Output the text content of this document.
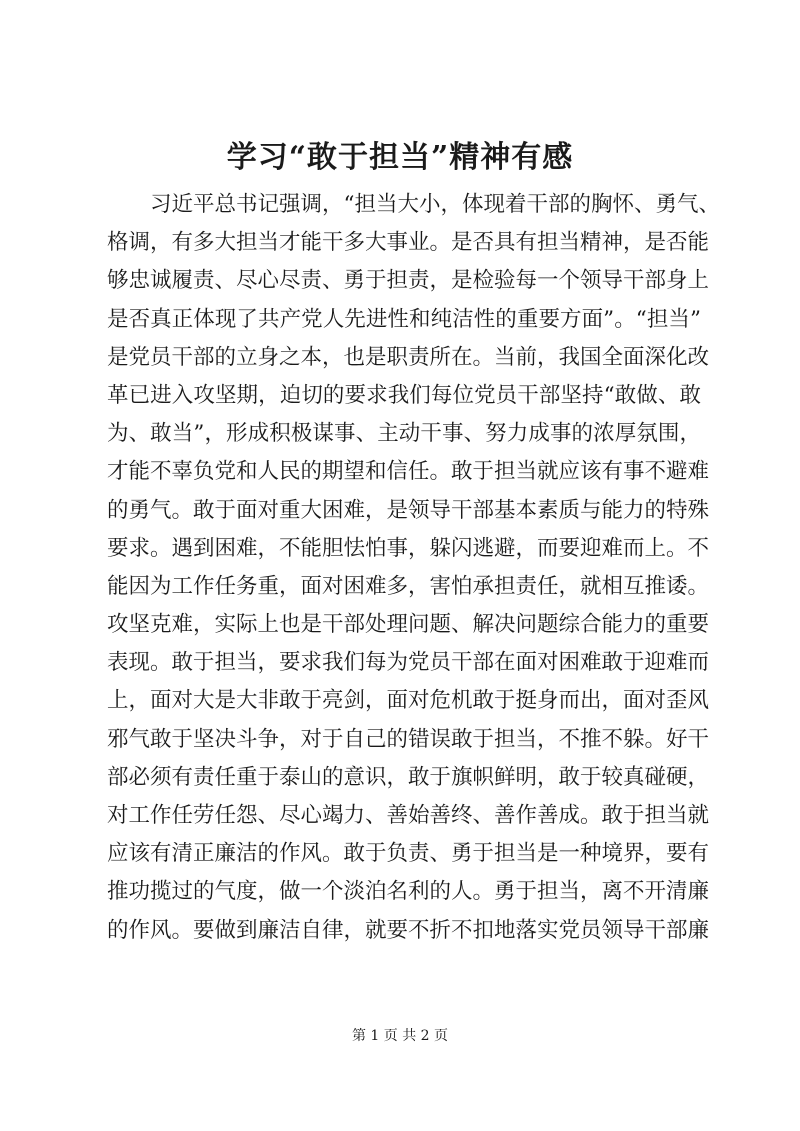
学习“敢于担当”精神有感
习近平总书记强调，“担当大小，体现着干部的胸怀、勇气、
格调，有多大担当才能干多大事业。是否具有担当精神，是否能
够忠诚履责、尽心尽责、勇于担责，是检验每一个领导干部身上
是否真正体现了共产党人先进性和纯洁性的重要方面”。“担当”
是党员干部的立身之本，也是职责所在。当前，我国全面深化改
革已进入攻坚期，迫切的要求我们每位党员干部坚持“敢做、敢
为、敢当”，形成积极谋事、主动干事、努力成事的浓厚氛围，
才能不辜负党和人民的期望和信任。敢于担当就应该有事不避难
的勇气。敢于面对重大困难，是领导干部基本素质与能力的特殊
要求。遇到困难，不能胆怯怕事，躲闪逃避，而要迎难而上。不
能因为工作任务重，面对困难多，害怕承担责任，就相互推诿。
攻坚克难，实际上也是干部处理问题、解决问题综合能力的重要
表现。敢于担当，要求我们每为党员干部在面对困难敢于迎难而
上，面对大是大非敢于亮剑，面对危机敢于挺身而出，面对歪风
邪气敢于坚决斗争，对于自己的错误敢于担当，不推不躲。好干
部必须有责任重于泰山的意识，敢于旗帜鲜明，敢于较真碰硬，
对工作任劳任怨、尽心竭力、善始善终、善作善成。敢于担当就
应该有清正廉洁的作风。敢于负责、勇于担当是一种境界，要有
推功揽过的气度，做一个淡泊名利的人。勇于担当，离不开清廉
的作风。要做到廉洁自律，就要不折不扣地落实党员领导干部廉
第 1 页 共 2 页
